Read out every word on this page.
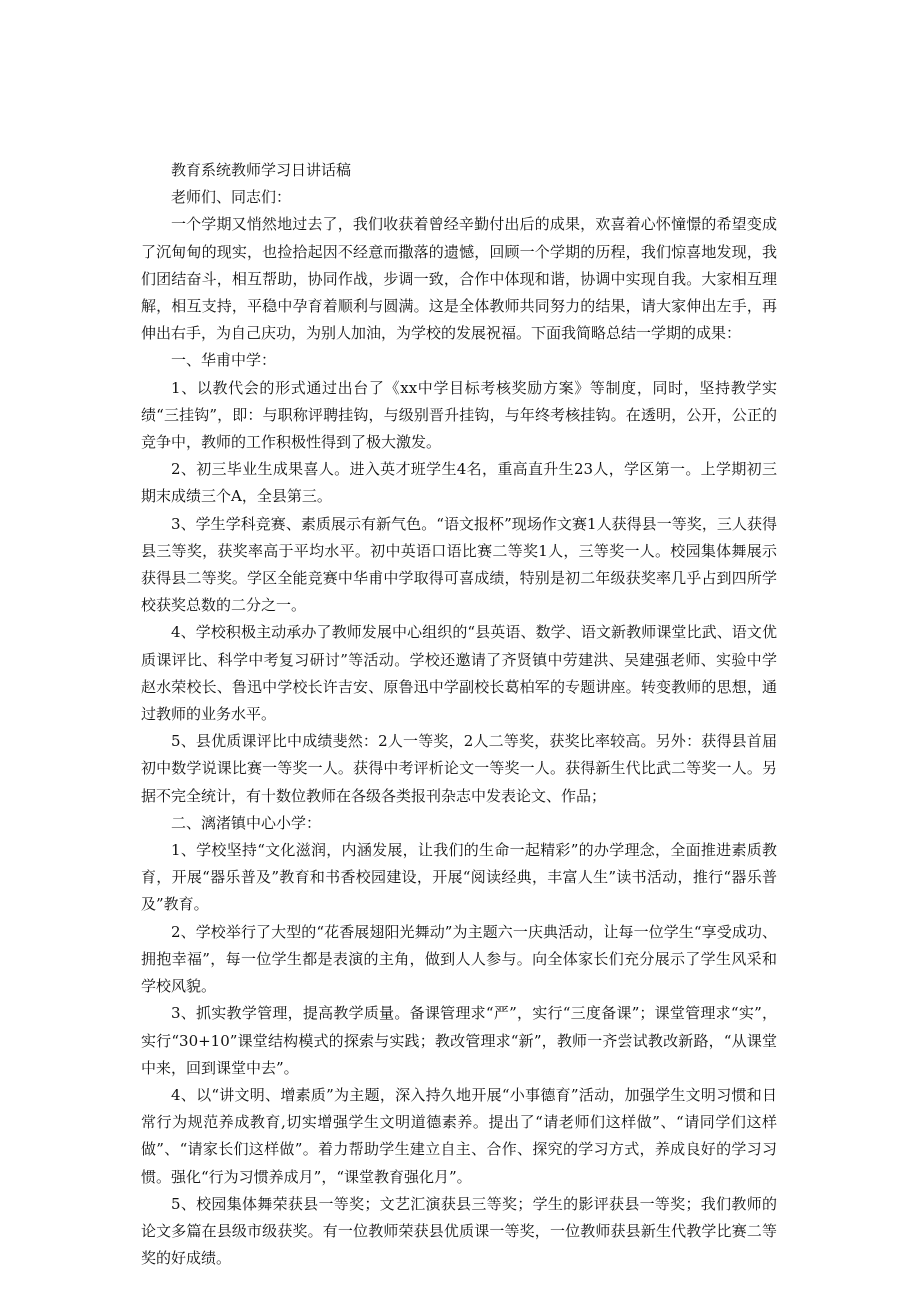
教育系统教师学习日讲话稿

老师们、同志们：

一个学期又悄然地过去了，我们收获着曾经辛勤付出后的成果，欢喜着心怀憧憬的希望变成了沉甸甸的现实，也捡拾起因不经意而撒落的遗憾，回顾一个学期的历程，我们惊喜地发现，我们团结奋斗，相互帮助，协同作战，步调一致，合作中体现和谐，协调中实现自我。大家相互理解，相互支持，平稳中孕育着顺利与圆满。这是全体教师共同努力的结果，请大家伸出左手，再伸出右手，为自己庆功，为别人加油，为学校的发展祝福。下面我简略总结一学期的成果：

一、华甫中学：

1、以教代会的形式通过出台了《xx中学目标考核奖励方案》等制度，同时，坚持教学实绩“三挂钩”，即：与职称评聘挂钩，与级别晋升挂钩，与年终考核挂钩。在透明，公开，公正的竞争中，教师的工作积极性得到了极大激发。

2、初三毕业生成果喜人。进入英才班学生4名，重高直升生23人，学区第一。上学期初三期末成绩三个A，全县第三。

3、学生学科竞赛、素质展示有新气色。“语文报杯”现场作文赛1人获得县一等奖，三人获得县三等奖，获奖率高于平均水平。初中英语口语比赛二等奖1人，三等奖一人。校园集体舞展示获得县二等奖。学区全能竞赛中华甫中学取得可喜成绩，特别是初二年级获奖率几乎占到四所学校获奖总数的二分之一。

4、学校积极主动承办了教师发展中心组织的“县英语、数学、语文新教师课堂比武、语文优质课评比、科学中考复习研讨”等活动。学校还邀请了齐贤镇中劳建洪、吴建强老师、实验中学赵水荣校长、鲁迅中学校长许吉安、原鲁迅中学副校长葛柏军的专题讲座。转变教师的思想，通过教师的业务水平。

5、县优质课评比中成绩斐然：2人一等奖，2人二等奖，获奖比率较高。另外：获得县首届初中数学说课比赛一等奖一人。获得中考评析论文一等奖一人。获得新生代比武二等奖一人。另据不完全统计，有十数位教师在各级各类报刊杂志中发表论文、作品；

二、漓渚镇中心小学：

1、学校坚持“文化滋润，内涵发展，让我们的生命一起精彩”的办学理念，全面推进素质教育，开展“器乐普及”教育和书香校园建设，开展“阅读经典，丰富人生”读书活动，推行“器乐普及”教育。

2、学校举行了大型的“花香展翅阳光舞动”为主题六一庆典活动，让每一位学生“享受成功、拥抱幸福”，每一位学生都是表演的主角，做到人人参与。向全体家长们充分展示了学生风采和学校风貌。

3、抓实教学管理，提高教学质量。备课管理求“严”，实行“三度备课”；课堂管理求“实”，实行“30+10”课堂结构模式的探索与实践；教改管理求“新”，教师一齐尝试教改新路，“从课堂中来，回到课堂中去”。

4、以“讲文明、增素质”为主题，深入持久地开展“小事德育”活动，加强学生文明习惯和日常行为规范养成教育,切实增强学生文明道德素养。提出了“请老师们这样做”、“请同学们这样做”、“请家长们这样做”。着力帮助学生建立自主、合作、探究的学习方式，养成良好的学习习惯。强化“行为习惯养成月”，“课堂教育强化月”。

5、校园集体舞荣获县一等奖；文艺汇演获县三等奖；学生的影评获县一等奖；我们教师的论文多篇在县级市级获奖。有一位教师荣获县优质课一等奖，一位教师获县新生代教学比赛二等奖的好成绩。
